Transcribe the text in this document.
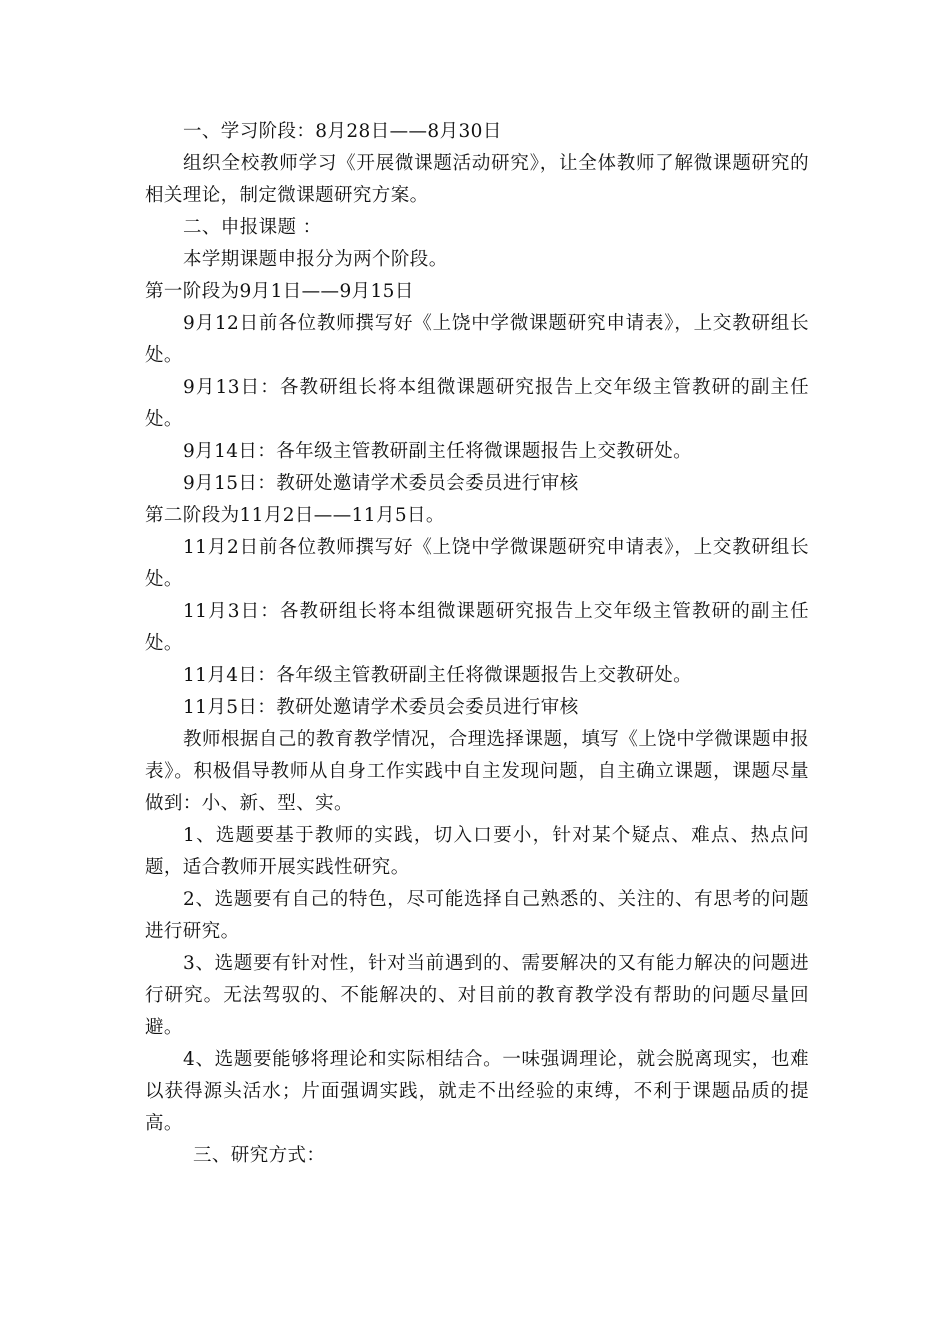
一、学习阶段：8月28日——8月30日
组织全校教师学习《开展微课题活动研究》，让全体教师了解微课题研究的相关理论，制定微课题研究方案。
二、申报课题 ：
本学期课题申报分为两个阶段。
第一阶段为9月1日——9月15日
9月12日前各位教师撰写好《上饶中学微课题研究申请表》，上交教研组长处。
9月13日：各教研组长将本组微课题研究报告上交年级主管教研的副主任处。
9月14日：各年级主管教研副主任将微课题报告上交教研处。
9月15日：教研处邀请学术委员会委员进行审核
第二阶段为11月2日——11月5日。
11月2日前各位教师撰写好《上饶中学微课题研究申请表》，上交教研组长处。
11月3日：各教研组长将本组微课题研究报告上交年级主管教研的副主任处。
11月4日：各年级主管教研副主任将微课题报告上交教研处。
11月5日：教研处邀请学术委员会委员进行审核
教师根据自己的教育教学情况，合理选择课题，填写《上饶中学微课题申报表》。积极倡导教师从自身工作实践中自主发现问题，自主确立课题，课题尽量做到：小、新、型、实。
1、选题要基于教师的实践，切入口要小，针对某个疑点、难点、热点问题，适合教师开展实践性研究。
2、选题要有自己的特色，尽可能选择自己熟悉的、关注的、有思考的问题进行研究。
3、选题要有针对性，针对当前遇到的、需要解决的又有能力解决的问题进行研究。无法驾驭的、不能解决的、对目前的教育教学没有帮助的问题尽量回避。
4、选题要能够将理论和实际相结合。一味强调理论，就会脱离现实，也难以获得源头活水；片面强调实践，就走不出经验的束缚，不利于课题品质的提高。
三、研究方式：
